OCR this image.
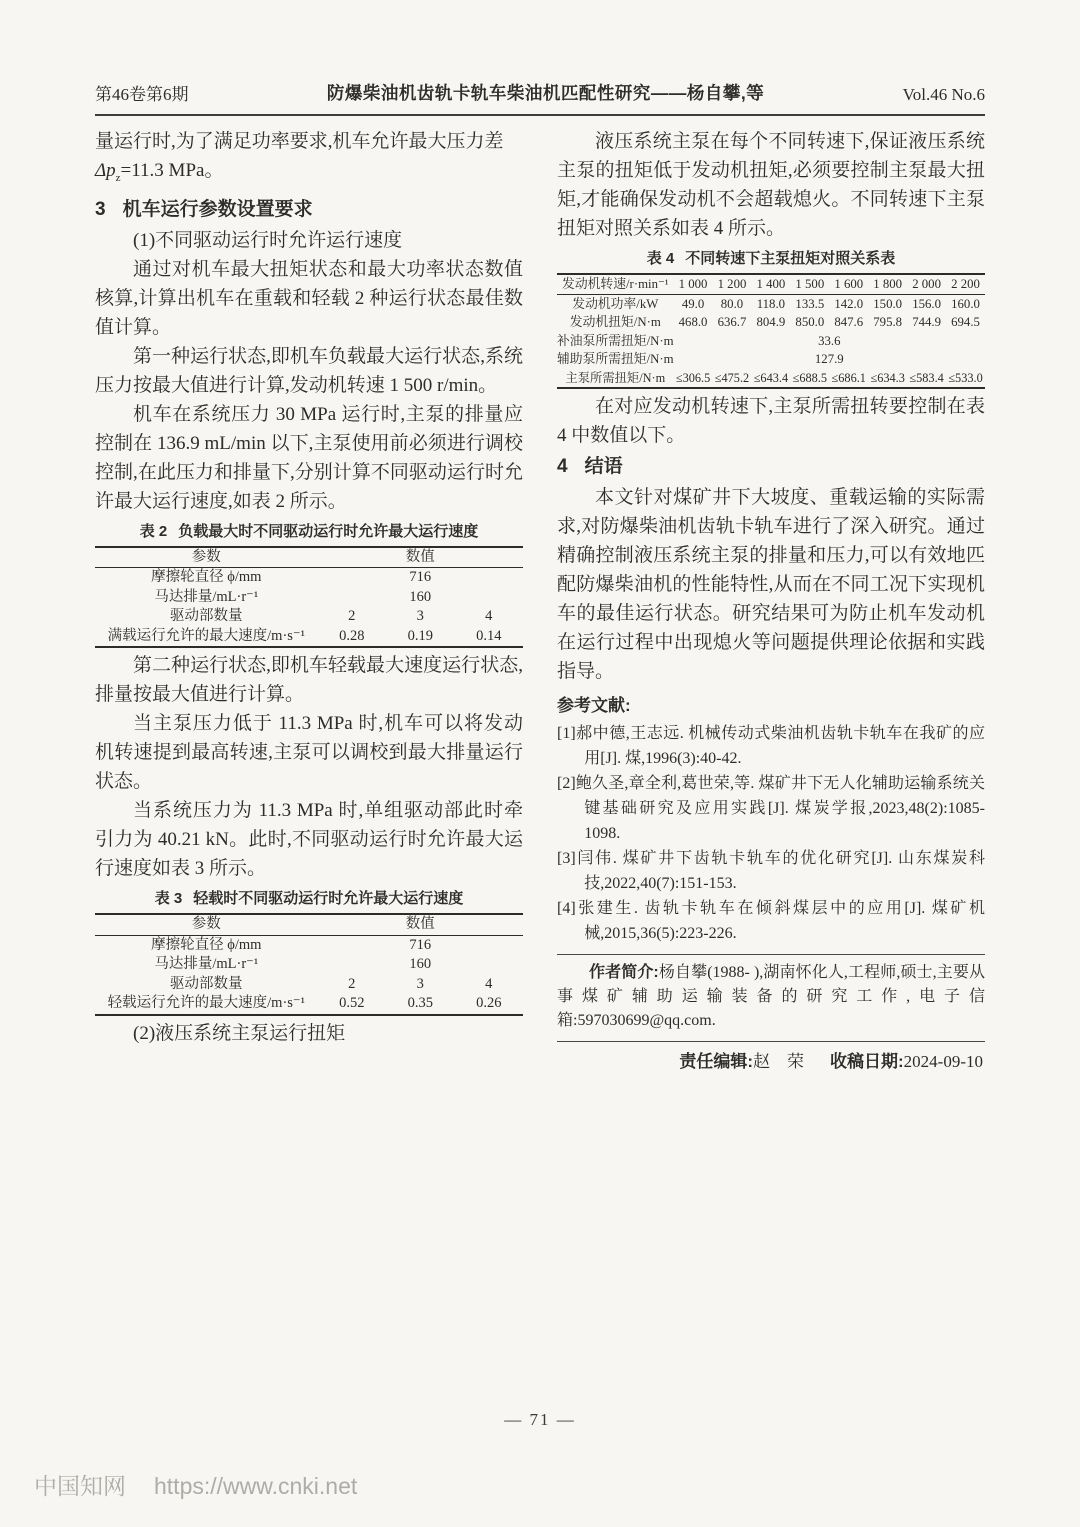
第46卷第6期	防爆柴油机齿轨卡轨车柴油机匹配性研究——杨自攀,等	Vol.46 No.6

量运行时,为了满足功率要求,机车允许最大压力差
$\Delta p_z=11.3$ MPa。

3 机车运行参数设置要求

(1)不同驱动运行时允许运行速度

通过对机车最大扭矩状态和最大功率状态数值核算,计算出机车在重载和轻载 2 种运行状态最佳数值计算。

第一种运行状态,即机车负载最大运行状态,系统压力按最大值进行计算,发动机转速 1 500 r/min。

机车在系统压力 30 MPa 运行时,主泵的排量应控制在 136.9 mL/min 以下,主泵使用前必须进行调校控制,在此压力和排量下,分别计算不同驱动运行时允许最大运行速度,如表 2 所示。

表 2 负载最大时不同驱动运行时允许最大运行速度
参数	数值		
摩擦轮直径 ϕ/mm	716		
马达排量/mL·r⁻¹	160		
驱动部数量	2	3	4
满载运行允许的最大速度/m·s⁻¹	0.28	0.19	0.14

第二种运行状态,即机车轻载最大速度运行状态,排量按最大值进行计算。

当主泵压力低于 11.3 MPa 时,机车可以将发动机转速提到最高转速,主泵可以调校到最大排量运行状态。

当系统压力为 11.3 MPa 时,单组驱动部此时牵引力为 40.21 kN。此时,不同驱动运行时允许最大运行速度如表 3 所示。

表 3 轻载时不同驱动运行时允许最大运行速度
参数	数值		
摩擦轮直径 ϕ/mm	716		
马达排量/mL·r⁻¹	160		
驱动部数量	2	3	4
轻载运行允许的最大速度/m·s⁻¹	0.52	0.35	0.26

(2)液压系统主泵运行扭矩

液压系统主泵在每个不同转速下,保证液压系统主泵的扭矩低于发动机扭矩,必须要控制主泵最大扭矩,才能确保发动机不会超载熄火。不同转速下主泵扭矩对照关系如表 4 所示。

表 4 不同转速下主泵扭矩对照关系表
发动机转速/r·min⁻¹	1 000	1 200	1 400	1 500	1 600	1 800	2 000	2 200
发动机功率/kW	49.0	80.0	118.0	133.5	142.0	150.0	156.0	160.0
发动机扭矩/N·m	468.0	636.7	804.9	850.0	847.6	795.8	744.9	694.5
补油泵所需扭矩/N·m	33.6							
辅助泵所需扭矩/N·m	127.9							
主泵所需扭矩/N·m	≤306.5	≤475.2	≤643.4	≤688.5	≤686.1	≤634.3	≤583.4	≤533.0

在对应发动机转速下,主泵所需扭转要控制在表 4 中数值以下。

4 结语

本文针对煤矿井下大坡度、重载运输的实际需求,对防爆柴油机齿轨卡轨车进行了深入研究。通过精确控制液压系统主泵的排量和压力,可以有效地匹配防爆柴油机的性能特性,从而在不同工况下实现机车的最佳运行状态。研究结果可为防止机车发动机在运行过程中出现熄火等问题提供理论依据和实践指导。

参考文献:

[1]郝中德,王志远. 机械传动式柴油机齿轨卡轨车在我矿的应用[J]. 煤,1996(3):40-42.

[2]鲍久圣,章全利,葛世荣,等. 煤矿井下无人化辅助运输系统关键基础研究及应用实践[J]. 煤炭学报,2023,48(2):1085-1098.

[3]闫伟. 煤矿井下齿轨卡轨车的优化研究[J]. 山东煤炭科技,2022,40(7):151-153.

[4]张建生. 齿轨卡轨车在倾斜煤层中的应用[J]. 煤矿机械,2015,36(5):223-226.

作者简介:杨自攀(1988- ),湖南怀化人,工程师,硕士,主要从事煤矿辅助运输装备的研究工作,电子信箱:597030699@qq.com.

责任编辑:赵　荣 收稿日期:2024-09-10

— 71 —
中国知网 https://www.cnki.net
